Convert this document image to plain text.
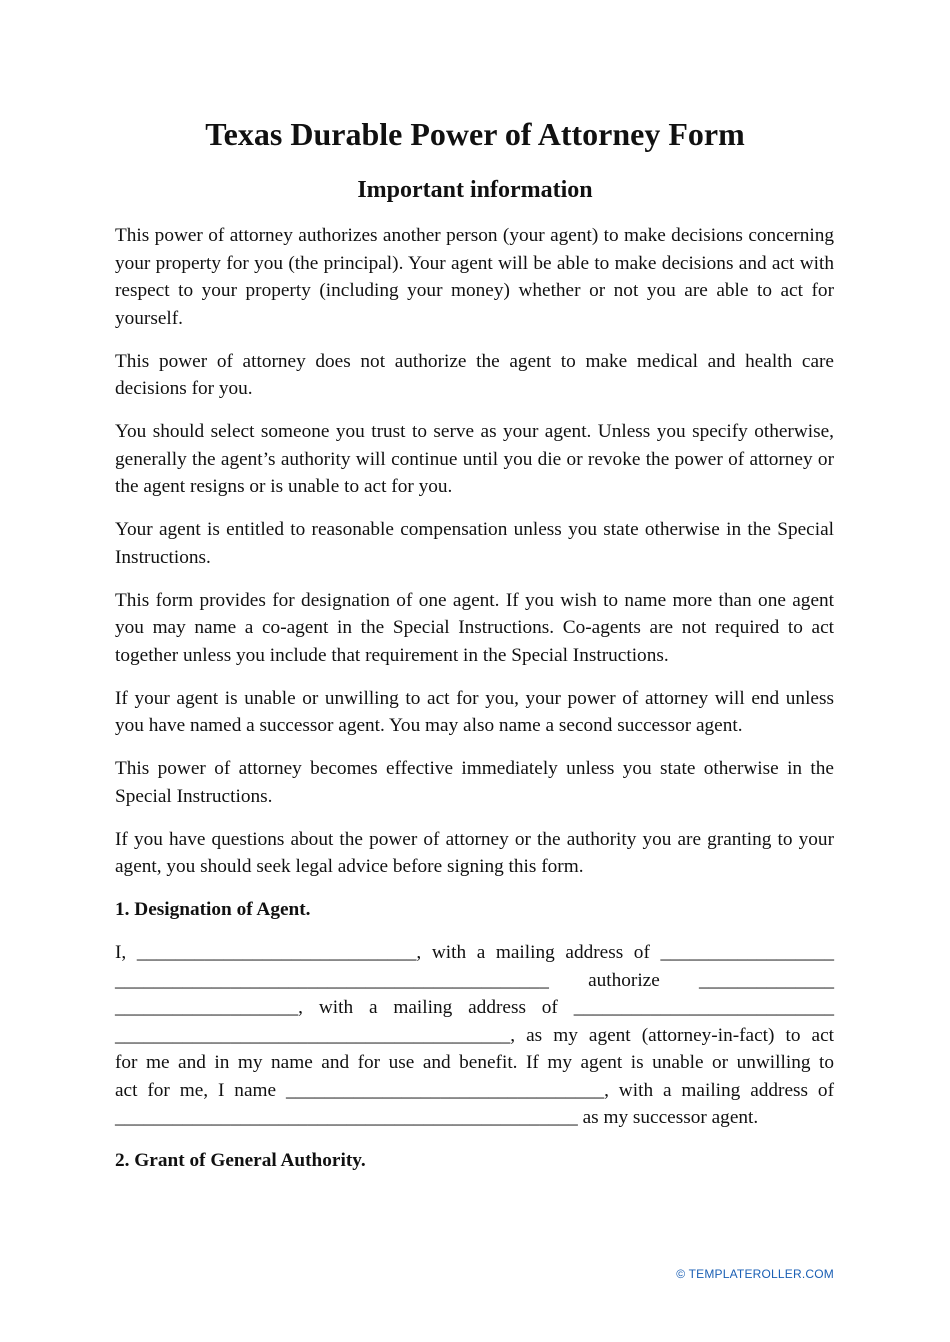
Texas Durable Power of Attorney Form
Important information

This power of attorney authorizes another person (your agent) to make decisions concerning your property for you (the principal). Your agent will be able to make decisions and act with respect to your property (including your money) whether or not you are able to act for yourself.

This power of attorney does not authorize the agent to make medical and health care decisions for you.

You should select someone you trust to serve as your agent. Unless you specify otherwise, generally the agent’s authority will continue until you die or revoke the power of attorney or the agent resigns or is unable to act for you.

Your agent is entitled to reasonable compensation unless you state otherwise in the Special Instructions.

This form provides for designation of one agent. If you wish to name more than one agent you may name a co-agent in the Special Instructions. Co-agents are not required to act together unless you include that requirement in the Special Instructions.

If your agent is unable or unwilling to act for you, your power of attorney will end unless you have named a successor agent. You may also name a second successor agent.

This power of attorney becomes effective immediately unless you state otherwise in the Special Instructions.

If you have questions about the power of attorney or the authority you are granting to your agent, you should seek legal advice before signing this form.

1. Designation of Agent.
I, _____________________________, with a mailing address of __________________
_____________________________________________ authorize ______________
___________________, with a mailing address of ___________________________
_________________________________________, as my agent (attorney-in-fact) to act
for me and in my name and for use and benefit. If my agent is unable or unwilling to
act for me, I name _________________________________, with a mailing address of
________________________________________________ as my successor agent.
2. Grant of General Authority.
© TEMPLATEROLLER.COM
